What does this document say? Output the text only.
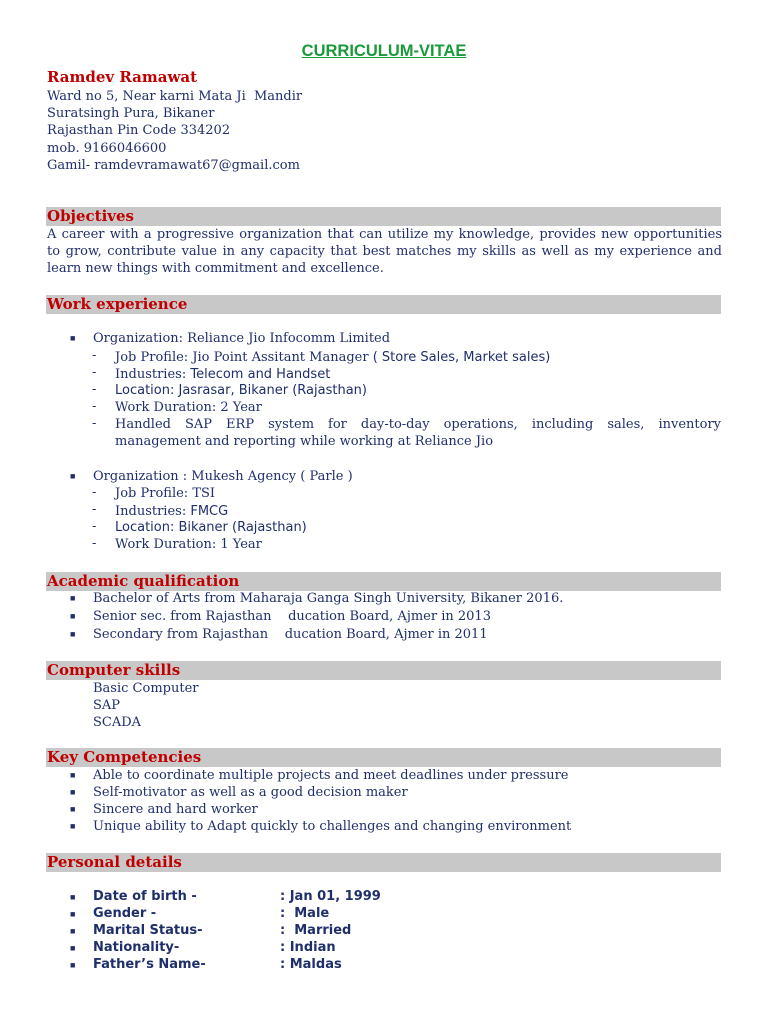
CURRICULUM-VITAE
Ramdev Ramawat
Ward no 5, Near karni Mata Ji  Mandir
Suratsingh Pura, Bikaner
Rajasthan Pin Code 334202
mob. 9166046600
Gamil- ramdevramawat67@gmail.com
Objectives
A career with a progressive organization that can utilize my knowledge, provides new opportunities to grow, contribute value in any capacity that best matches my skills as well as my experience and learn new things with commitment and excellence.
Work experience
■ Organization: Reliance Jio Infocomm Limited
- Job Profile: Jio Point Assitant Manager ( Store Sales, Market sales)
- Industries: Telecom and Handset
- Location: Jasrasar, Bikaner (Rajasthan)
- Work Duration: 2 Year
- Handled SAP ERP system for day-to-day operations, including sales, inventory management and reporting while working at Reliance Jio
■ Organization : Mukesh Agency ( Parle )
- Job Profile: TSI
- Industries: FMCG
- Location: Bikaner (Rajasthan)
- Work Duration: 1 Year
Academic qualification
■ Bachelor of Arts from Maharaja Ganga Singh University, Bikaner 2016.
■ Senior sec. from Rajasthan    ducation Board, Ajmer in 2013
■ Secondary from Rajasthan    ducation Board, Ajmer in 2011
Computer skills
Basic Computer
SAP
SCADA
Key Competencies
■ Able to coordinate multiple projects and meet deadlines under pressure
■ Self-motivator as well as a good decision maker
■ Sincere and hard worker
■ Unique ability to Adapt quickly to challenges and changing environment
Personal details
■ Date of birth -	: Jan 01, 1999
■ Gender -	:  Male
■ Marital Status-	:  Married
■ Nationality-	: Indian
■ Father’s Name-	: Maldas
